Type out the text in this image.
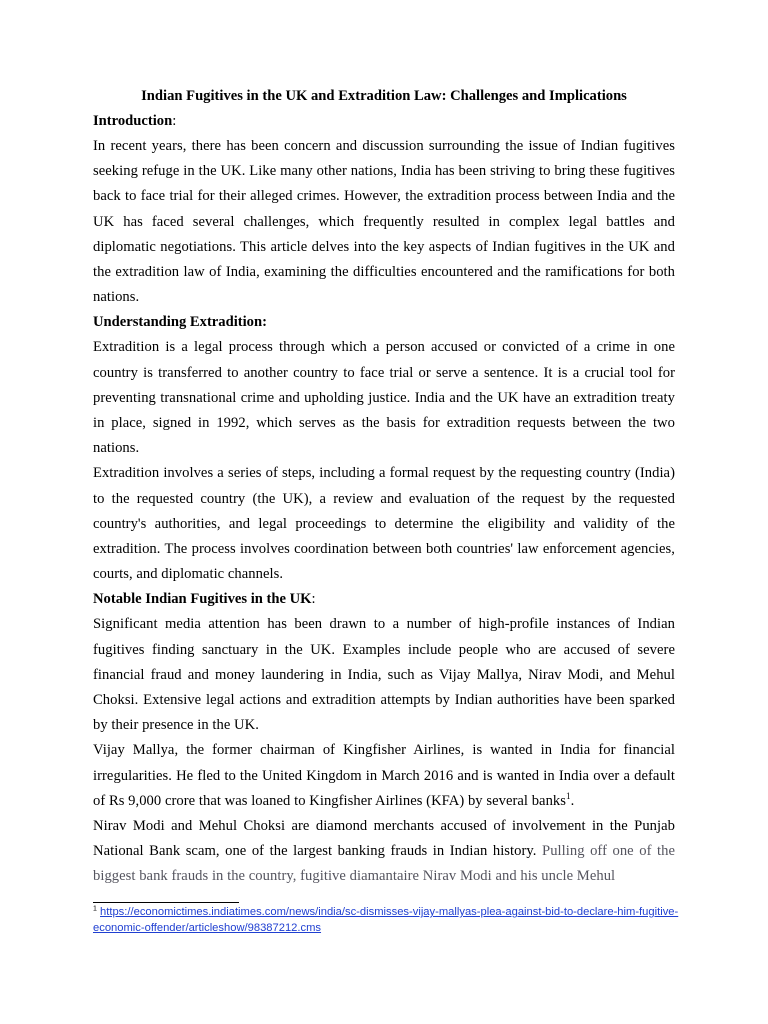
Indian Fugitives in the UK and Extradition Law: Challenges and Implications
Introduction:

In recent years, there has been concern and discussion surrounding the issue of Indian fugitives seeking refuge in the UK. Like many other nations, India has been striving to bring these fugitives back to face trial for their alleged crimes. However, the extradition process between India and the UK has faced several challenges, which frequently resulted in complex legal battles and diplomatic negotiations. This article delves into the key aspects of Indian fugitives in the UK and the extradition law of India, examining the difficulties encountered and the ramifications for both nations.

Understanding Extradition:

Extradition is a legal process through which a person accused or convicted of a crime in one country is transferred to another country to face trial or serve a sentence. It is a crucial tool for preventing transnational crime and upholding justice. India and the UK have an extradition treaty in place, signed in 1992, which serves as the basis for extradition requests between the two nations.

Extradition involves a series of steps, including a formal request by the requesting country (India) to the requested country (the UK), a review and evaluation of the request by the requested country's authorities, and legal proceedings to determine the eligibility and validity of the extradition. The process involves coordination between both countries' law enforcement agencies, courts, and diplomatic channels.

Notable Indian Fugitives in the UK:

Significant media attention has been drawn to a number of high-profile instances of Indian fugitives finding sanctuary in the UK. Examples include people who are accused of severe financial fraud and money laundering in India, such as Vijay Mallya, Nirav Modi, and Mehul Choksi. Extensive legal actions and extradition attempts by Indian authorities have been sparked by their presence in the UK.

Vijay Mallya, the former chairman of Kingfisher Airlines, is wanted in India for financial irregularities. He fled to the United Kingdom in March 2016 and is wanted in India over a default of Rs 9,000 crore that was loaned to Kingfisher Airlines (KFA) by several banks$^1$.

Nirav Modi and Mehul Choksi are diamond merchants accused of involvement in the Punjab National Bank scam, one of the largest banking frauds in Indian history. Pulling off one of the biggest bank frauds in the country, fugitive diamantaire Nirav Modi and his uncle Mehul

$^1$ https://economictimes.indiatimes.com/news/india/sc-dismisses-vijay-mallyas-plea-against-bid-to-declare-him-fugitive-economic-offender/articleshow/98387212.cms
